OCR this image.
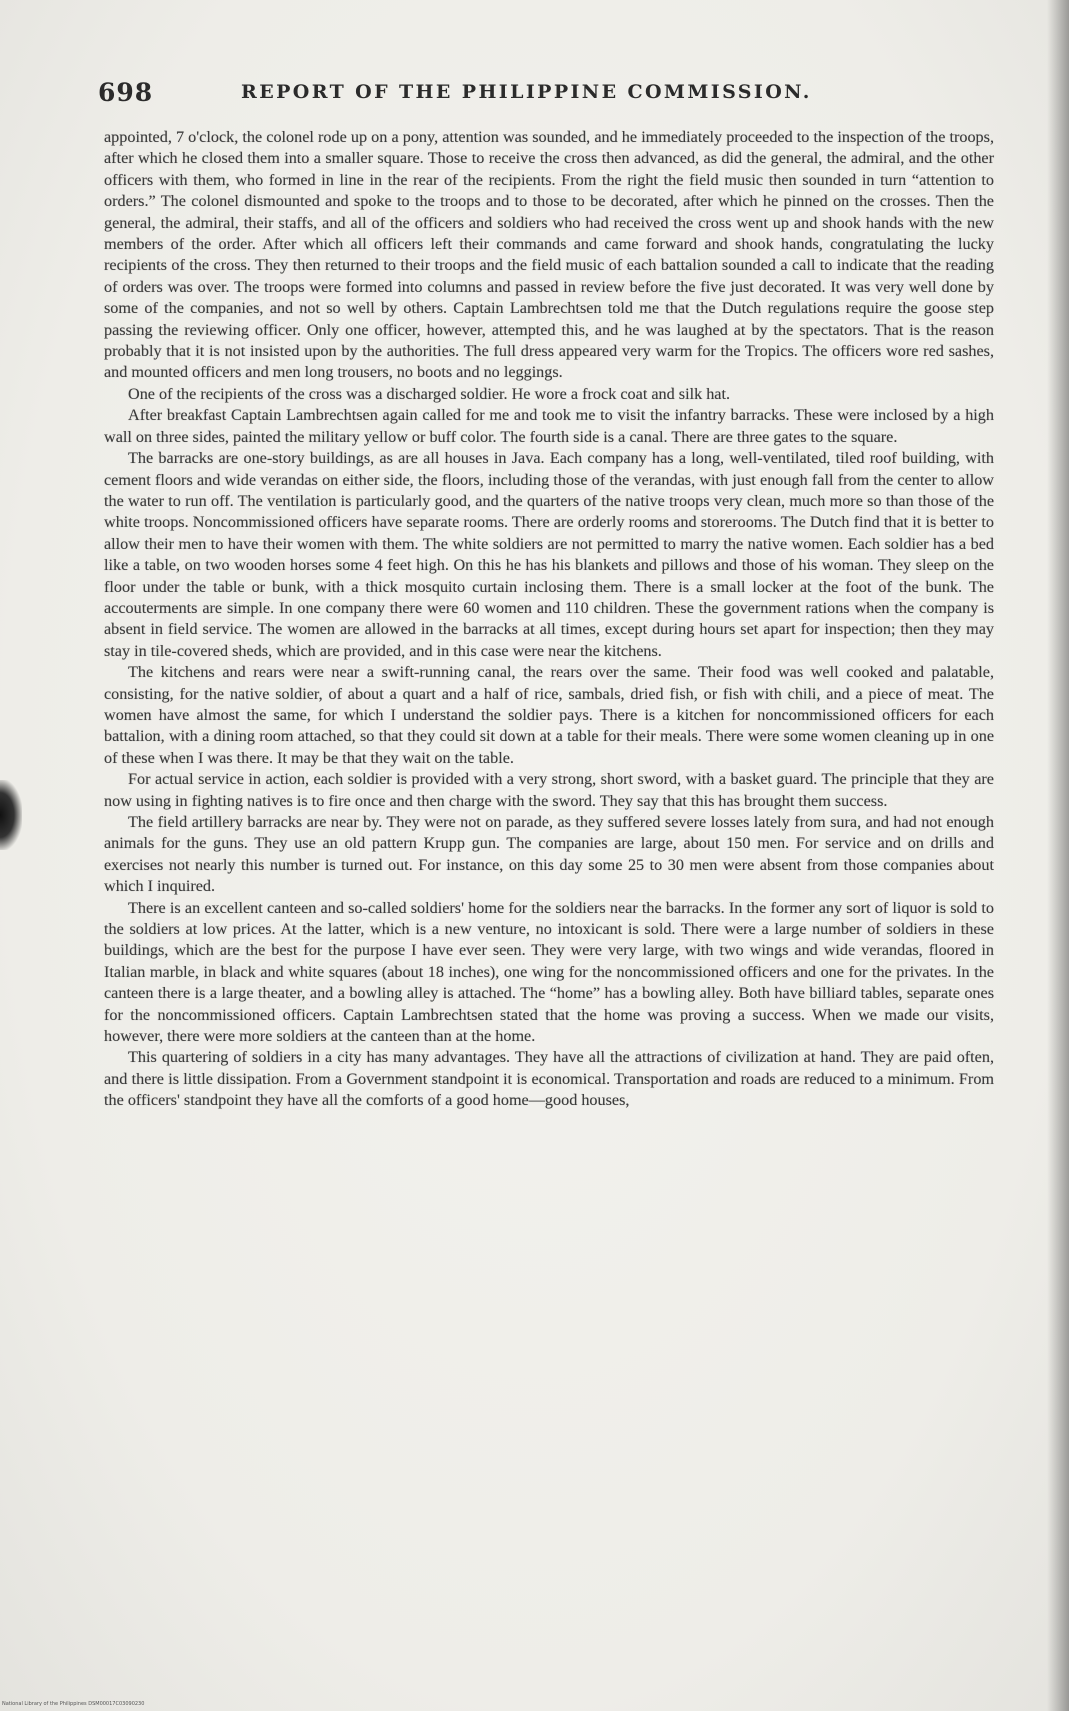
698	REPORT OF THE PHILIPPINE COMMISSION.

appointed, 7 o'clock, the colonel rode up on a pony, attention was sounded, and he immediately proceeded to the inspection of the troops, after which he closed them into a smaller square. Those to receive the cross then advanced, as did the general, the admiral, and the other officers with them, who formed in line in the rear of the recipients. From the right the field music then sounded in turn “attention to orders.” The colonel dismounted and spoke to the troops and to those to be decorated, after which he pinned on the crosses. Then the general, the admiral, their staffs, and all of the officers and soldiers who had received the cross went up and shook hands with the new members of the order. After which all officers left their commands and came forward and shook hands, congratulating the lucky recipients of the cross. They then returned to their troops and the field music of each battalion sounded a call to indicate that the reading of orders was over. The troops were formed into columns and passed in review before the five just decorated. It was very well done by some of the companies, and not so well by others. Captain Lambrechtsen told me that the Dutch regulations require the goose step passing the reviewing officer. Only one officer, however, attempted this, and he was laughed at by the spectators. That is the reason probably that it is not insisted upon by the authorities. The full dress appeared very warm for the Tropics. The officers wore red sashes, and mounted officers and men long trousers, no boots and no leggings.

One of the recipients of the cross was a discharged soldier. He wore a frock coat and silk hat.

After breakfast Captain Lambrechtsen again called for me and took me to visit the infantry barracks. These were inclosed by a high wall on three sides, painted the military yellow or buff color. The fourth side is a canal. There are three gates to the square.

The barracks are one-story buildings, as are all houses in Java. Each company has a long, well-ventilated, tiled roof building, with cement floors and wide verandas on either side, the floors, including those of the verandas, with just enough fall from the center to allow the water to run off. The ventilation is particularly good, and the quarters of the native troops very clean, much more so than those of the white troops. Noncommissioned officers have separate rooms. There are orderly rooms and storerooms. The Dutch find that it is better to allow their men to have their women with them. The white soldiers are not permitted to marry the native women. Each soldier has a bed like a table, on two wooden horses some 4 feet high. On this he has his blankets and pillows and those of his woman. They sleep on the floor under the table or bunk, with a thick mosquito curtain inclosing them. There is a small locker at the foot of the bunk. The accouterments are simple. In one company there were 60 women and 110 children. These the government rations when the company is absent in field service. The women are allowed in the barracks at all times, except during hours set apart for inspection; then they may stay in tile-covered sheds, which are provided, and in this case were near the kitchens.

The kitchens and rears were near a swift-running canal, the rears over the same. Their food was well cooked and palatable, consisting, for the native soldier, of about a quart and a half of rice, sambals, dried fish, or fish with chili, and a piece of meat. The women have almost the same, for which I understand the soldier pays. There is a kitchen for noncommissioned officers for each battalion, with a dining room attached, so that they could sit down at a table for their meals. There were some women cleaning up in one of these when I was there. It may be that they wait on the table.

For actual service in action, each soldier is provided with a very strong, short sword, with a basket guard. The principle that they are now using in fighting natives is to fire once and then charge with the sword. They say that this has brought them success.

The field artillery barracks are near by. They were not on parade, as they suffered severe losses lately from sura, and had not enough animals for the guns. They use an old pattern Krupp gun. The companies are large, about 150 men. For service and on drills and exercises not nearly this number is turned out. For instance, on this day some 25 to 30 men were absent from those companies about which I inquired.

There is an excellent canteen and so-called soldiers' home for the soldiers near the barracks. In the former any sort of liquor is sold to the soldiers at low prices. At the latter, which is a new venture, no intoxicant is sold. There were a large number of soldiers in these buildings, which are the best for the purpose I have ever seen. They were very large, with two wings and wide verandas, floored in Italian marble, in black and white squares (about 18 inches), one wing for the noncommissioned officers and one for the privates. In the canteen there is a large theater, and a bowling alley is attached. The “home” has a bowling alley. Both have billiard tables, separate ones for the noncommissioned officers. Captain Lambrechtsen stated that the home was proving a success. When we made our visits, however, there were more soldiers at the canteen than at the home.

This quartering of soldiers in a city has many advantages. They have all the attractions of civilization at hand. They are paid often, and there is little dissipation. From a Government standpoint it is economical. Transportation and roads are reduced to a minimum. From the officers' standpoint they have all the comforts of a good home—good houses,

National Library of the Philippines DSM00017C03090230
